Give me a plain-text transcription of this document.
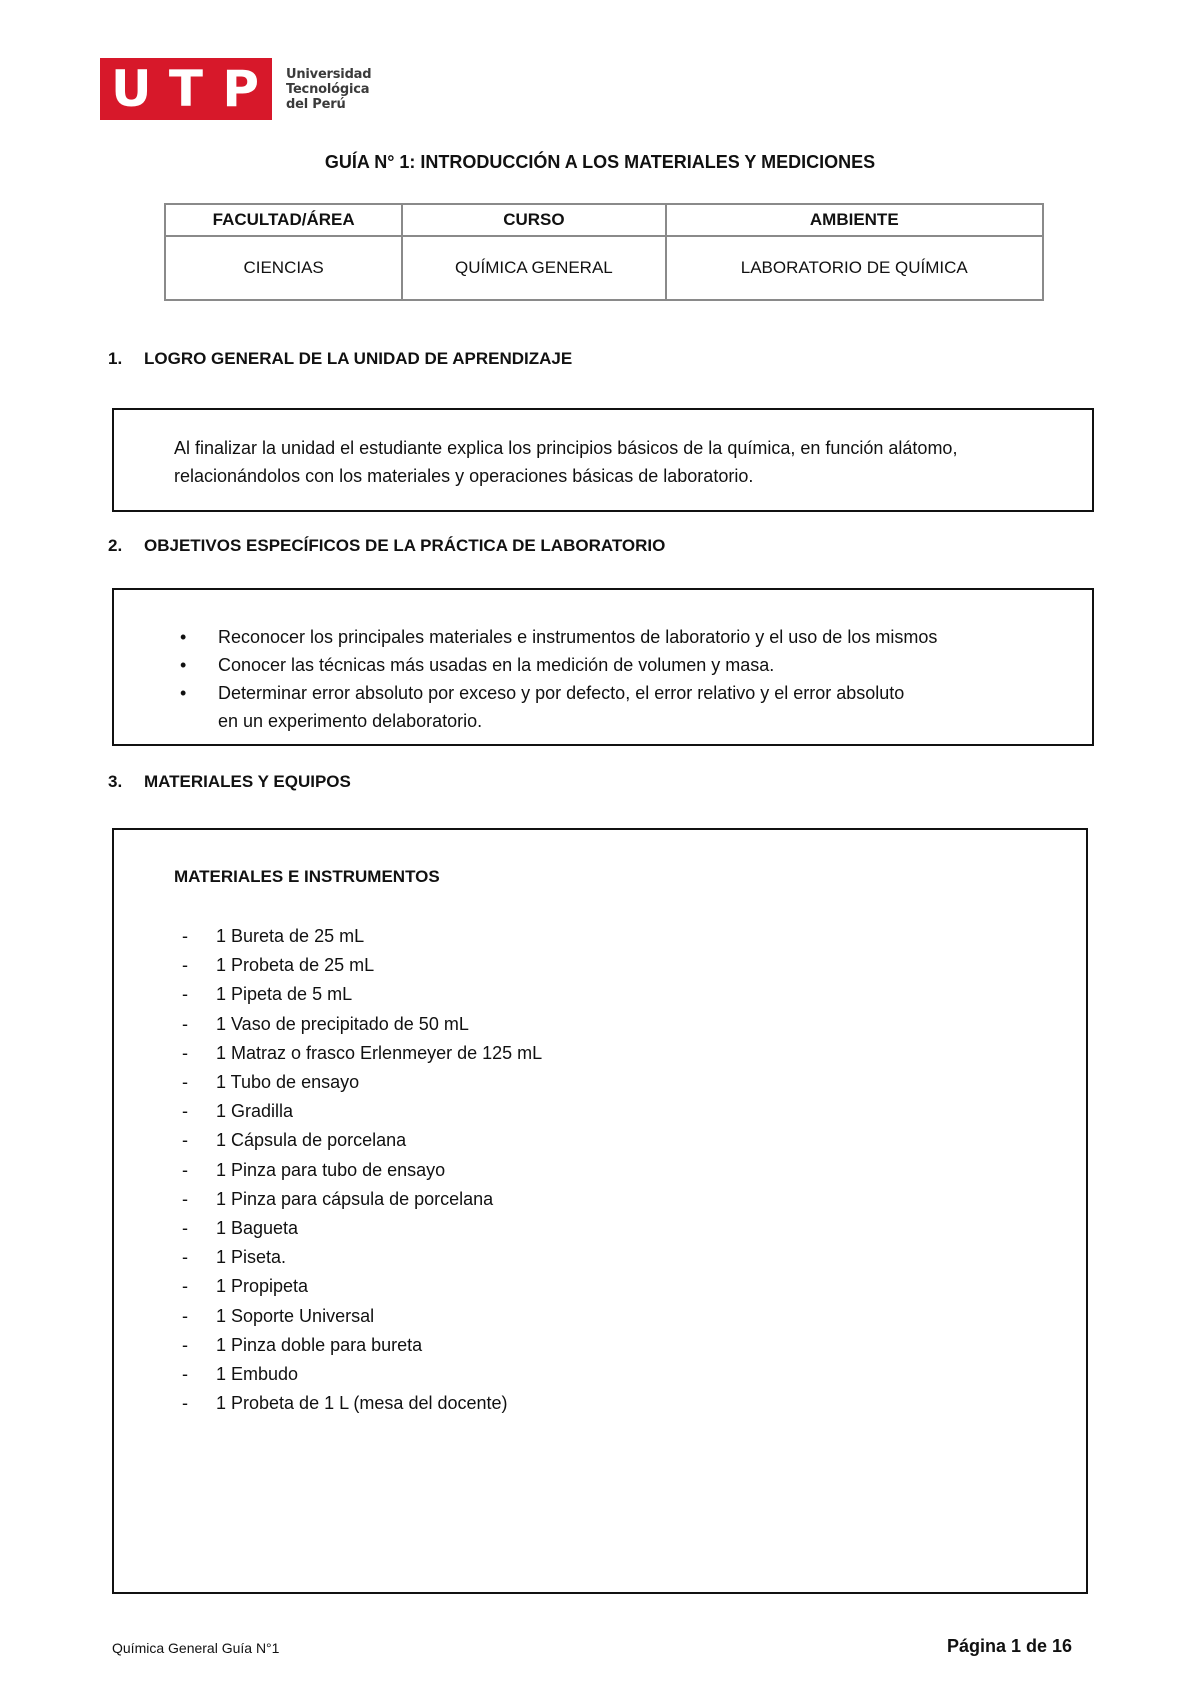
U T P	Universidad
Tecnológica
del Perú
GUÍA N° 1: INTRODUCCIÓN A LOS MATERIALES Y MEDICIONES
FACULTAD/ÁREA	CURSO	AMBIENTE
CIENCIAS	QUÍMICA GENERAL	LABORATORIO DE QUÍMICA
1. LOGRO GENERAL DE LA UNIDAD DE APRENDIZAJE
Al finalizar la unidad el estudiante explica los principios básicos de la química, en función alátomo,
relacionándolos con los materiales y operaciones básicas de laboratorio.
2. OBJETIVOS ESPECÍFICOS DE LA PRÁCTICA DE LABORATORIO
• Reconocer los principales materiales e instrumentos de laboratorio y el uso de los mismos
• Conocer las técnicas más usadas en la medición de volumen y masa.
• Determinar error absoluto por exceso y por defecto, el error relativo y el error absoluto
en un experimento delaboratorio.
3. MATERIALES Y EQUIPOS
MATERIALES E INSTRUMENTOS
- 1 Bureta de 25 mL
- 1 Probeta de 25 mL
- 1 Pipeta de 5 mL
- 1 Vaso de precipitado de 50 mL
- 1 Matraz o frasco Erlenmeyer de 125 mL
- 1 Tubo de ensayo
- 1 Gradilla
- 1 Cápsula de porcelana
- 1 Pinza para tubo de ensayo
- 1 Pinza para cápsula de porcelana
- 1 Bagueta
- 1 Piseta.
- 1 Propipeta
- 1 Soporte Universal
- 1 Pinza doble para bureta
- 1 Embudo
- 1 Probeta de 1 L (mesa del docente)
Química General Guía N°1	Página 1 de 16
